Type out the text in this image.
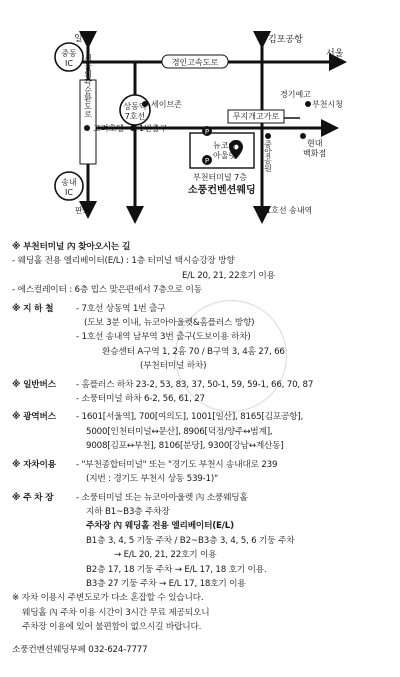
P
P
일산	김포공항
서울
중동
IC
송내
IC
경인고속도로
서울외곽순환도로	상동역
7호선
세이브존
고려호텔 1번출구
무지개고가로
경기예고
부천시청
중앙공원	현대
백화점
뉴코아
아울렛
부천터미널 7층
소풍컨벤션웨딩
1호선 송내역
판교

※ 부천터미널 內 찾아오시는 길
- 웨딩홀 전용 엘리베이터(E/L) : 1층 터미널 택시승강장 방향
E/L 20, 21, 22호기 이용
- 에스컬레이터 : 6층 빕스 맞은편에서 7층으로 이동
※ 지 하 철	- 7호선 상동역 1번 출구
(도보 3분 이내, 뉴코아아울렛&홈플러스 방향)
- 1호선 송내역 남부역 3번 출구(도보이용 하차)
환승센터 A구역 1, 2홈 70 / B구역 3, 4홈 27, 66
(부천터미널 하차)
※ 일반버스	- 홈플러스 하차 23-2, 53, 83, 37, 50-1, 59, 59-1, 66, 70, 87
- 소풍터미널 하차 6-2, 56, 61, 27
※ 광역버스	- 1601[서울역], 700[여의도], 1001[일산], 8165[김포공항],
5000[인천터미널↔문산], 8906[덕정/양주↔범계],
9008[김포↔부천], 8106[분당], 9300[강남↔계산동]
※ 자차이용	- "부천종합터미널" 또는 "경기도 부천시 송내대로 239
(지번 : 경기도 부천시 상동 539-1)"
※ 주 차 장	- 소풍터미널 또는 뉴코아아울렛 內 소풍웨딩홀
지하 B1~B3층 주차장
주차장 內 웨딩홀 전용 엘리베이터(E/L)
B1층 3, 4, 5 기둥 주차 / B2~B3층 3, 4, 5, 6 기둥 주차
→ E/L 20, 21, 22호기 이용
B2층 17, 18 기둥 주차 → E/L 17, 18 호기 이용.
B3층 27 기둥 주차 → E/L 17, 18호기 이용
※ 자차 이용시 주변도로가 다소 혼잡할 수 있습니다.
웨딩홀 內 주차 이용 시간이 3시간 무료 제공되오니
주차장 이용에 있어 불편함이 없으시길 바랍니다.
소풍컨벤션웨딩부페 032-624-7777
